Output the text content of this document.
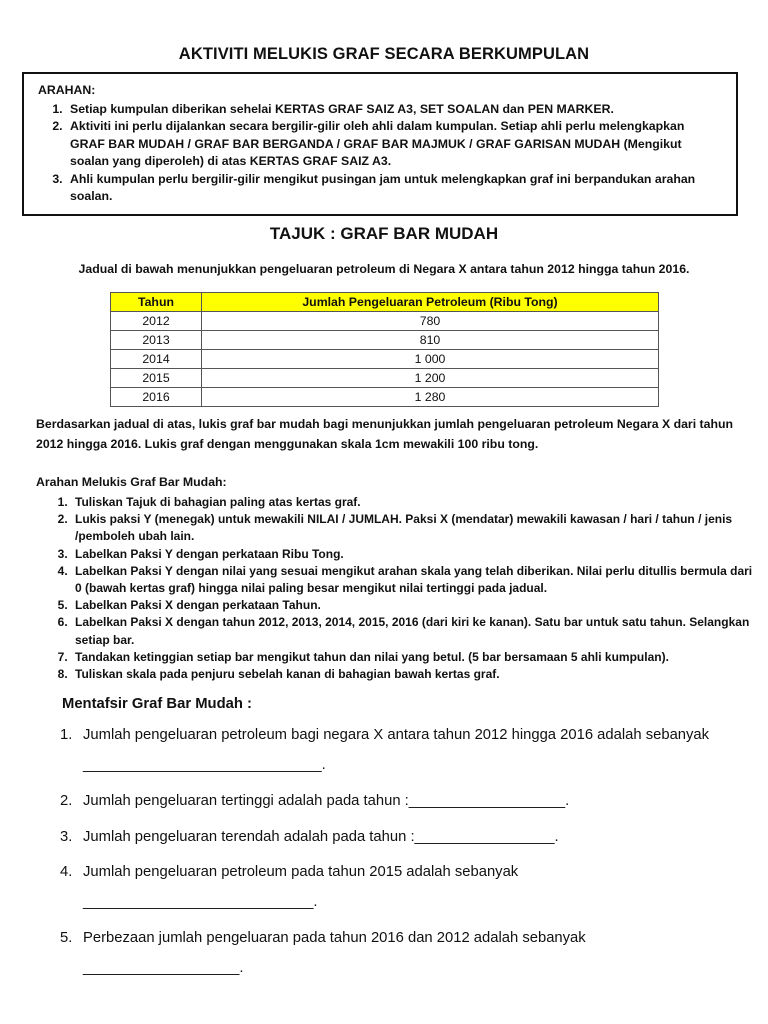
AKTIVITI MELUKIS GRAF SECARA BERKUMPULAN
ARAHAN:
1. Setiap kumpulan diberikan sehelai KERTAS GRAF SAIZ A3, SET SOALAN dan PEN MARKER.
2. Aktiviti ini perlu dijalankan secara bergilir-gilir oleh ahli dalam kumpulan. Setiap ahli perlu melengkapkan GRAF BAR MUDAH / GRAF BAR BERGANDA / GRAF BAR MAJMUK / GRAF GARISAN MUDAH (Mengikut soalan yang diperoleh) di atas KERTAS GRAF SAIZ A3.
3. Ahli kumpulan perlu bergilir-gilir mengikut pusingan jam untuk melengkapkan graf ini berpandukan arahan soalan.
TAJUK : GRAF BAR MUDAH
Jadual di bawah menunjukkan pengeluaran petroleum di Negara X antara tahun 2012 hingga tahun 2016.
Tahun	Jumlah Pengeluaran Petroleum (Ribu Tong)
2012	780
2013	810
2014	1 000
2015	1 200
2016	1 280
Berdasarkan jadual di atas, lukis graf bar mudah bagi menunjukkan jumlah pengeluaran petroleum Negara X dari tahun 2012 hingga 2016. Lukis graf dengan menggunakan skala 1cm mewakili 100 ribu tong.
Arahan Melukis Graf Bar Mudah:
1. Tuliskan Tajuk di bahagian paling atas kertas graf.
2. Lukis paksi Y (menegak) untuk mewakili NILAI / JUMLAH. Paksi X (mendatar) mewakili kawasan / hari / tahun / jenis /pemboleh ubah lain.
3. Labelkan Paksi Y dengan perkataan Ribu Tong.
4. Labelkan Paksi Y dengan nilai yang sesuai mengikut arahan skala yang telah diberikan. Nilai perlu ditullis bermula dari 0 (bawah kertas graf) hingga nilai paling besar mengikut nilai tertinggi pada jadual.
5. Labelkan Paksi X dengan perkataan Tahun.
6. Labelkan Paksi X dengan tahun 2012, 2013, 2014, 2015, 2016 (dari kiri ke kanan). Satu bar untuk satu tahun. Selangkan setiap bar.
7. Tandakan ketinggian setiap bar mengikut tahun dan nilai yang betul. (5 bar bersamaan 5 ahli kumpulan).
8. Tuliskan skala pada penjuru sebelah kanan di bahagian bawah kertas graf.
Mentafsir Graf Bar Mudah :
1. Jumlah pengeluaran petroleum bagi negara X antara tahun 2012 hingga 2016 adalah sebanyak
_____________________________.
2. Jumlah pengeluaran tertinggi adalah pada tahun :___________________.
3. Jumlah pengeluaran terendah adalah pada tahun :_________________.
4. Jumlah pengeluaran petroleum pada tahun 2015 adalah sebanyak
____________________________.
5. Perbezaan jumlah pengeluaran pada tahun 2016 dan 2012 adalah sebanyak
___________________.
